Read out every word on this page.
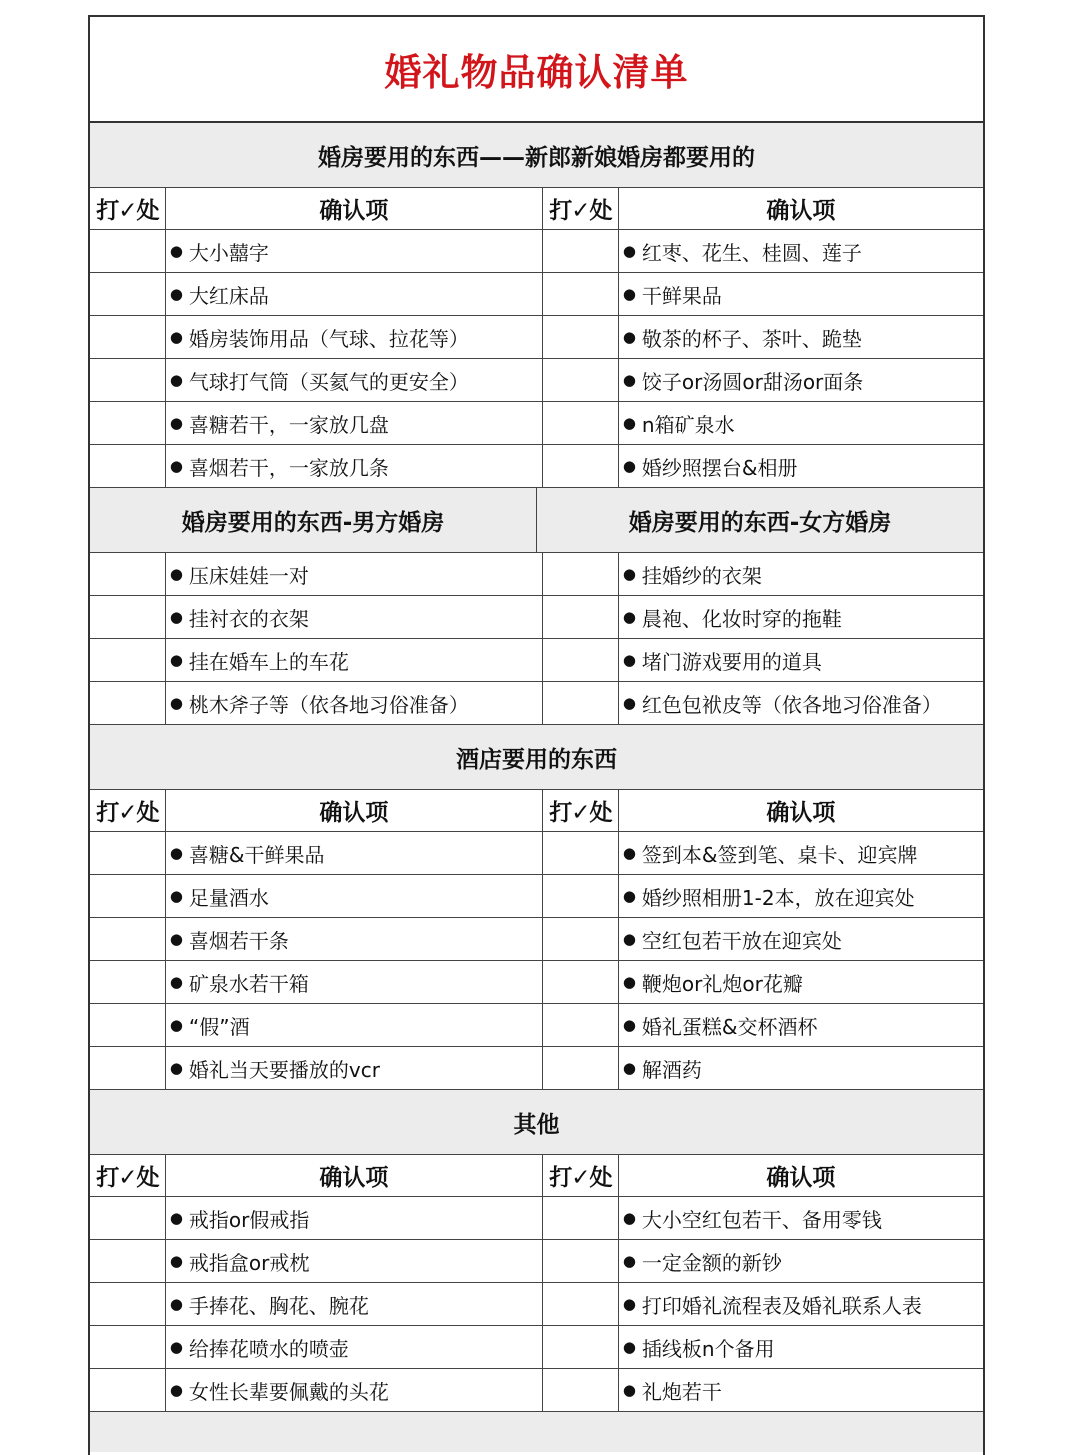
婚礼物品确认清单
婚房要用的东西——新郎新娘婚房都要用的
打✓处	确认项	打✓处	确认项
● 大小囍字	● 红枣、花生、桂圆、莲子
● 大红床品	● 干鲜果品
● 婚房装饰用品（气球、拉花等）	● 敬茶的杯子、茶叶、跪垫
● 气球打气筒（买氦气的更安全）	● 饺子or汤圆or甜汤or面条
● 喜糖若干，一家放几盘	● n箱矿泉水
● 喜烟若干，一家放几条	● 婚纱照摆台&相册
婚房要用的东西-男方婚房	婚房要用的东西-女方婚房
● 压床娃娃一对	● 挂婚纱的衣架
● 挂衬衣的衣架	● 晨袍、化妆时穿的拖鞋
● 挂在婚车上的车花	● 堵门游戏要用的道具
● 桃木斧子等（依各地习俗准备）	● 红色包袱皮等（依各地习俗准备）
酒店要用的东西
打✓处	确认项	打✓处	确认项
● 喜糖&干鲜果品	● 签到本&签到笔、桌卡、迎宾牌
● 足量酒水	● 婚纱照相册1-2本，放在迎宾处
● 喜烟若干条	● 空红包若干放在迎宾处
● 矿泉水若干箱	● 鞭炮or礼炮or花瓣
● “假”酒	● 婚礼蛋糕&交杯酒杯
● 婚礼当天要播放的vcr	● 解酒药
其他
打✓处	确认项	打✓处	确认项
● 戒指or假戒指	● 大小空红包若干、备用零钱
● 戒指盒or戒枕	● 一定金额的新钞
● 手捧花、胸花、腕花	● 打印婚礼流程表及婚礼联系人表
● 给捧花喷水的喷壶	● 插线板n个备用
● 女性长辈要佩戴的头花	● 礼炮若干
